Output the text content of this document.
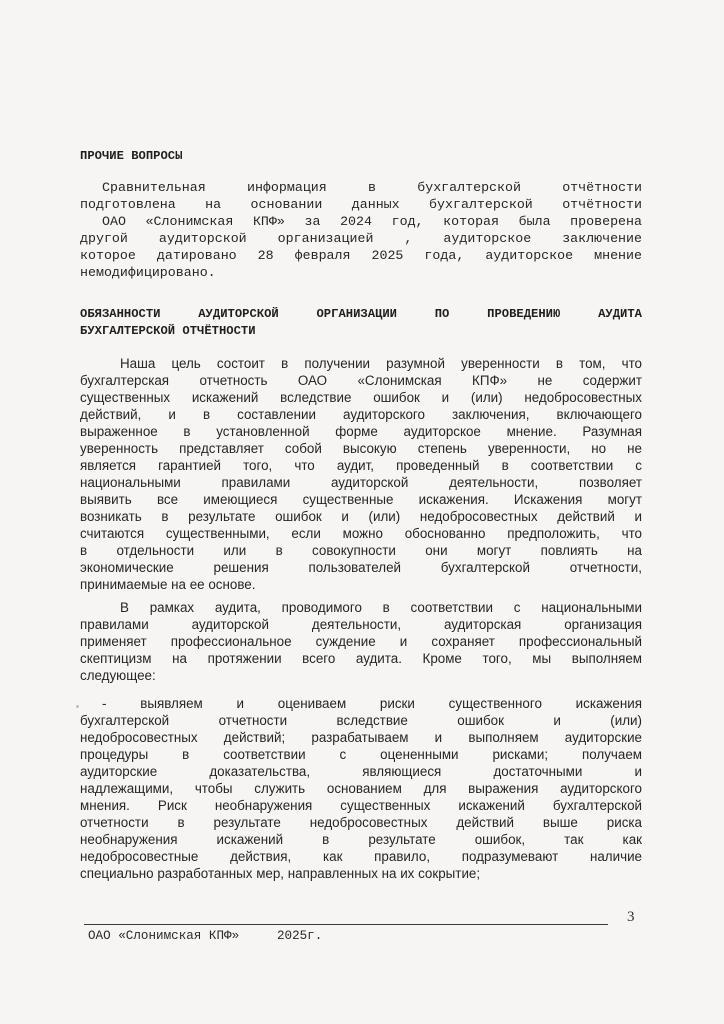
ПРОЧИЕ ВОПРОСЫ
Сравнительная информация в бухгалтерской отчётности
подготовлена на основании данных бухгалтерской отчётности
ОАО «Слонимская КПФ» за 2024 год, которая была проверена
другой аудиторской организацией , аудиторское заключение
которое датировано 28 февраля 2025 года, аудиторское мнение
немодифицировано.
ОБЯЗАННОСТИ АУДИТОРСКОЙ ОРГАНИЗАЦИИ ПО ПРОВЕДЕНИЮ АУДИТА
БУХГАЛТЕРСКОЙ ОТЧЁТНОСТИ
Наша цель состоит в получении разумной уверенности в том, что
бухгалтерская отчетность ОАО «Слонимская КПФ» не содержит
существенных искажений вследствие ошибок и (или) недобросовестных
действий, и в составлении аудиторского заключения, включающего
выраженное в установленной форме аудиторское мнение. Разумная
уверенность представляет собой высокую степень уверенности, но не
является гарантией того, что аудит, проведенный в соответствии с
национальными правилами аудиторской деятельности, позволяет
выявить все имеющиеся существенные искажения. Искажения могут
возникать в результате ошибок и (или) недобросовестных действий и
считаются существенными, если можно обоснованно предположить, что
в отдельности или в совокупности они могут повлиять на
экономические решения пользователей бухгалтерской отчетности,
принимаемые на ее основе.
В рамках аудита, проводимого в соответствии с национальными
правилами аудиторской деятельности, аудиторская организация
применяет профессиональное суждение и сохраняет профессиональный
скептицизм на протяжении всего аудита. Кроме того, мы выполняем
следующее:
- выявляем и оцениваем риски существенного искажения
бухгалтерской отчетности вследствие ошибок и (или)
недобросовестных действий; разрабатываем и выполняем аудиторские
процедуры в соответствии с оцененными рисками; получаем
аудиторские доказательства, являющиеся достаточными и
надлежащими, чтобы служить основанием для выражения аудиторского
мнения. Риск необнаружения существенных искажений бухгалтерской
отчетности в результате недобросовестных действий выше риска
необнаружения искажений в результате ошибок, так как
недобросовестные действия, как правило, подразумевают наличие
специально разработанных мер, направленных на их сокрытие;
3
ОАО «Слонимская КПФ»	2025г.
